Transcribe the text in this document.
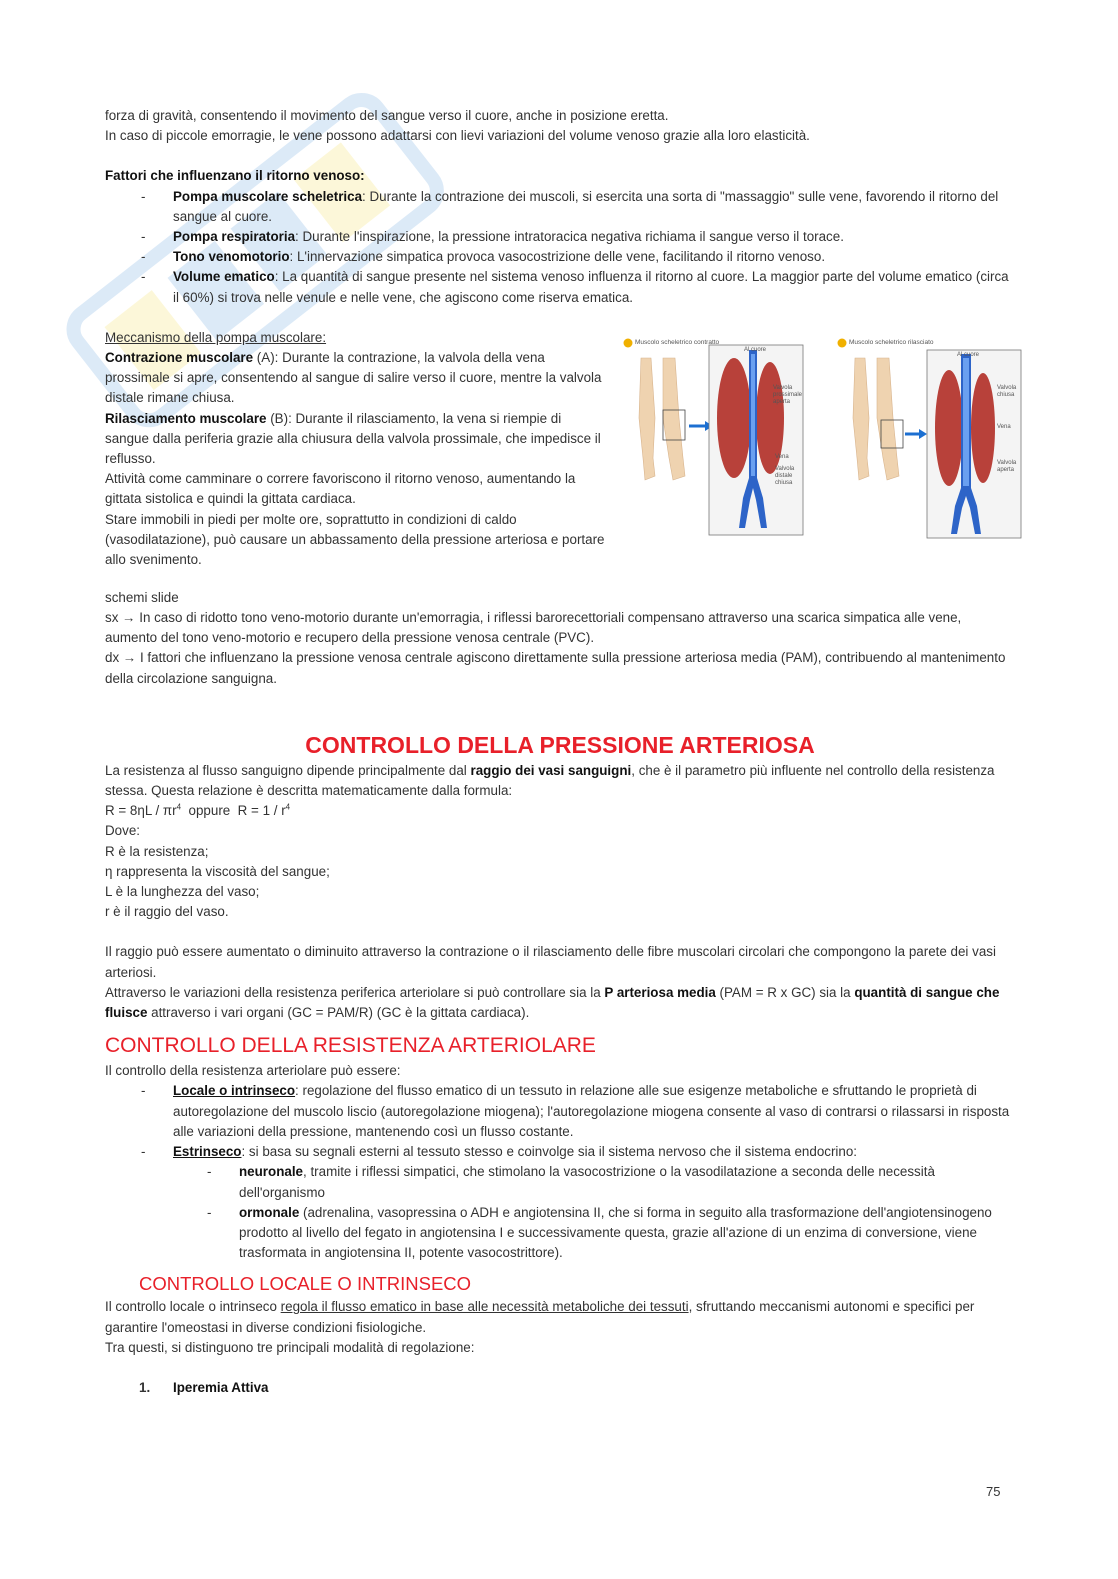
forza di gravità, consentendo il movimento del sangue verso il cuore, anche in posizione eretta.

In caso di piccole emorragie, le vene possono adattarsi con lievi variazioni del volume venoso grazie alla loro elasticità.

Fattori che influenzano il ritorno venoso:

- Pompa muscolare scheletrica: Durante la contrazione dei muscoli, si esercita una sorta di "massaggio" sulle vene, favorendo il ritorno del sangue al cuore.
- Pompa respiratoria: Durante l'inspirazione, la pressione intratoracica negativa richiama il sangue verso il torace.
- Tono venomotorio: L'innervazione simpatica provoca vasocostrizione delle vene, facilitando il ritorno venoso.
- Volume ematico: La quantità di sangue presente nel sistema venoso influenza il ritorno al cuore. La maggior parte del volume ematico (circa il 60%) si trova nelle venule e nelle vene, che agiscono come riserva ematica.

Meccanismo della pompa muscolare:

Contrazione muscolare (A): Durante la contrazione, la valvola della vena prossimale si apre, consentendo al sangue di salire verso il cuore, mentre la valvola distale rimane chiusa.

Rilasciamento muscolare (B): Durante il rilasciamento, la vena si riempie di sangue dalla periferia grazie alla chiusura della valvola prossimale, che impedisce il reflusso.

Attività come camminare o correre favoriscono il ritorno venoso, aumentando la gittata sistolica e quindi la gittata cardiaca.

Stare immobili in piedi per molte ore, soprattutto in condizioni di caldo (vasodilatazione), può causare un abbassamento della pressione arteriosa e portare allo svenimento.

Muscolo scheletrico contratto
Al cuore
Valvola prossimale aperta
Vena
Valvola distale chiusa
Muscolo scheletrico rilasciato
Al cuore
Valvola chiusa
Vena
Valvola aperta

schemi slide

sx → In caso di ridotto tono veno-motorio durante un'emorragia, i riflessi barorecettoriali compensano attraverso una scarica simpatica alle vene, aumento del tono veno-motorio e recupero della pressione venosa centrale (PVC).

dx → I fattori che influenzano la pressione venosa centrale agiscono direttamente sulla pressione arteriosa media (PAM), contribuendo al mantenimento della circolazione sanguigna.

CONTROLLO DELLA PRESSIONE ARTERIOSA

La resistenza al flusso sanguigno dipende principalmente dal raggio dei vasi sanguigni, che è il parametro più influente nel controllo della resistenza stessa. Questa relazione è descritta matematicamente dalla formula:

$R = 8\eta L / \pi r^4$  oppure  $R = 1 / r^4$

Dove:

R è la resistenza;

η rappresenta la viscosità del sangue;

L è la lunghezza del vaso;

r è il raggio del vaso.

Il raggio può essere aumentato o diminuito attraverso la contrazione o il rilasciamento delle fibre muscolari circolari che compongono la parete dei vasi arteriosi.

Attraverso le variazioni della resistenza periferica arteriolare si può controllare sia la P arteriosa media (PAM = R x GC) sia la quantità di sangue che fluisce attraverso i vari organi (GC = PAM/R) (GC è la gittata cardiaca).

CONTROLLO DELLA RESISTENZA ARTERIOLARE

Il controllo della resistenza arteriolare può essere:

- Locale o intrinseco: regolazione del flusso ematico di un tessuto in relazione alle sue esigenze metaboliche e sfruttando le proprietà di autoregolazione del muscolo liscio (autoregolazione miogena); l'autoregolazione miogena consente al vaso di contrarsi o rilassarsi in risposta alle variazioni della pressione, mantenendo così un flusso costante.
- Estrinseco: si basa su segnali esterni al tessuto stesso e coinvolge sia il sistema nervoso che il sistema endocrino:
- neuronale, tramite i riflessi simpatici, che stimolano la vasocostrizione o la vasodilatazione a seconda delle necessità dell'organismo
- ormonale (adrenalina, vasopressina o ADH e angiotensina II, che si forma in seguito alla trasformazione dell'angiotensinogeno prodotto al livello del fegato in angiotensina I e successivamente questa, grazie all'azione di un enzima di conversione, viene trasformata in angiotensina II, potente vasocostrittore).

CONTROLLO LOCALE O INTRINSECO

Il controllo locale o intrinseco regola il flusso ematico in base alle necessità metaboliche dei tessuti, sfruttando meccanismi autonomi e specifici per garantire l'omeostasi in diverse condizioni fisiologiche.

Tra questi, si distinguono tre principali modalità di regolazione:

1. Iperemia Attiva

75
